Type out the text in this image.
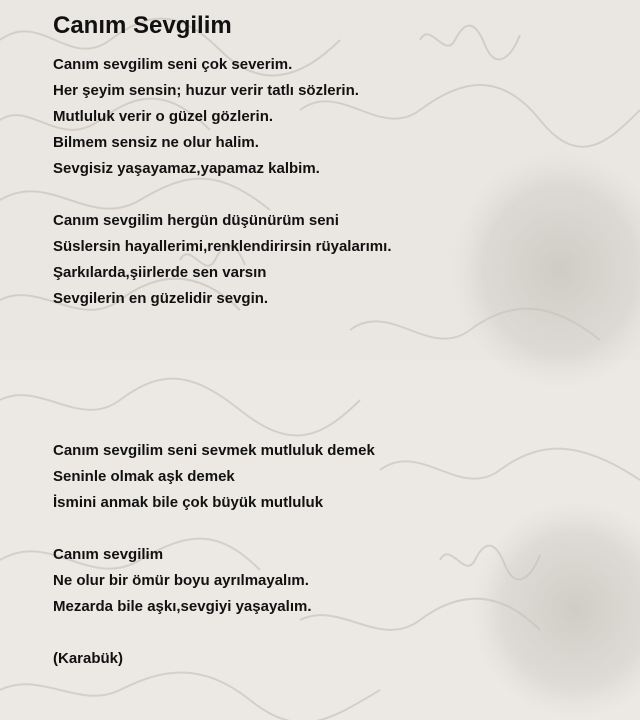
Canım Sevgilim
Canım sevgilim seni çok severim.
Her şeyim sensin; huzur verir tatlı sözlerin.
Mutluluk verir o güzel gözlerin.
Bilmem sensiz ne olur halim.
Sevgisiz yaşayamaz,yapamaz kalbim.
Canım sevgilim hergün düşünürüm seni
Süslersin hayallerimi,renklendirirsin rüyalarımı.
Şarkılarda,şiirlerde sen varsın
Sevgilerin en güzelidir sevgin.
Canım sevgilim seni sevmek mutluluk demek
Seninle olmak aşk demek
İsmini anmak bile çok büyük mutluluk
Canım sevgilim
Ne olur bir ömür boyu ayrılmayalım.
Mezarda bile aşkı,sevgiyi yaşayalım.
(Karabük)
